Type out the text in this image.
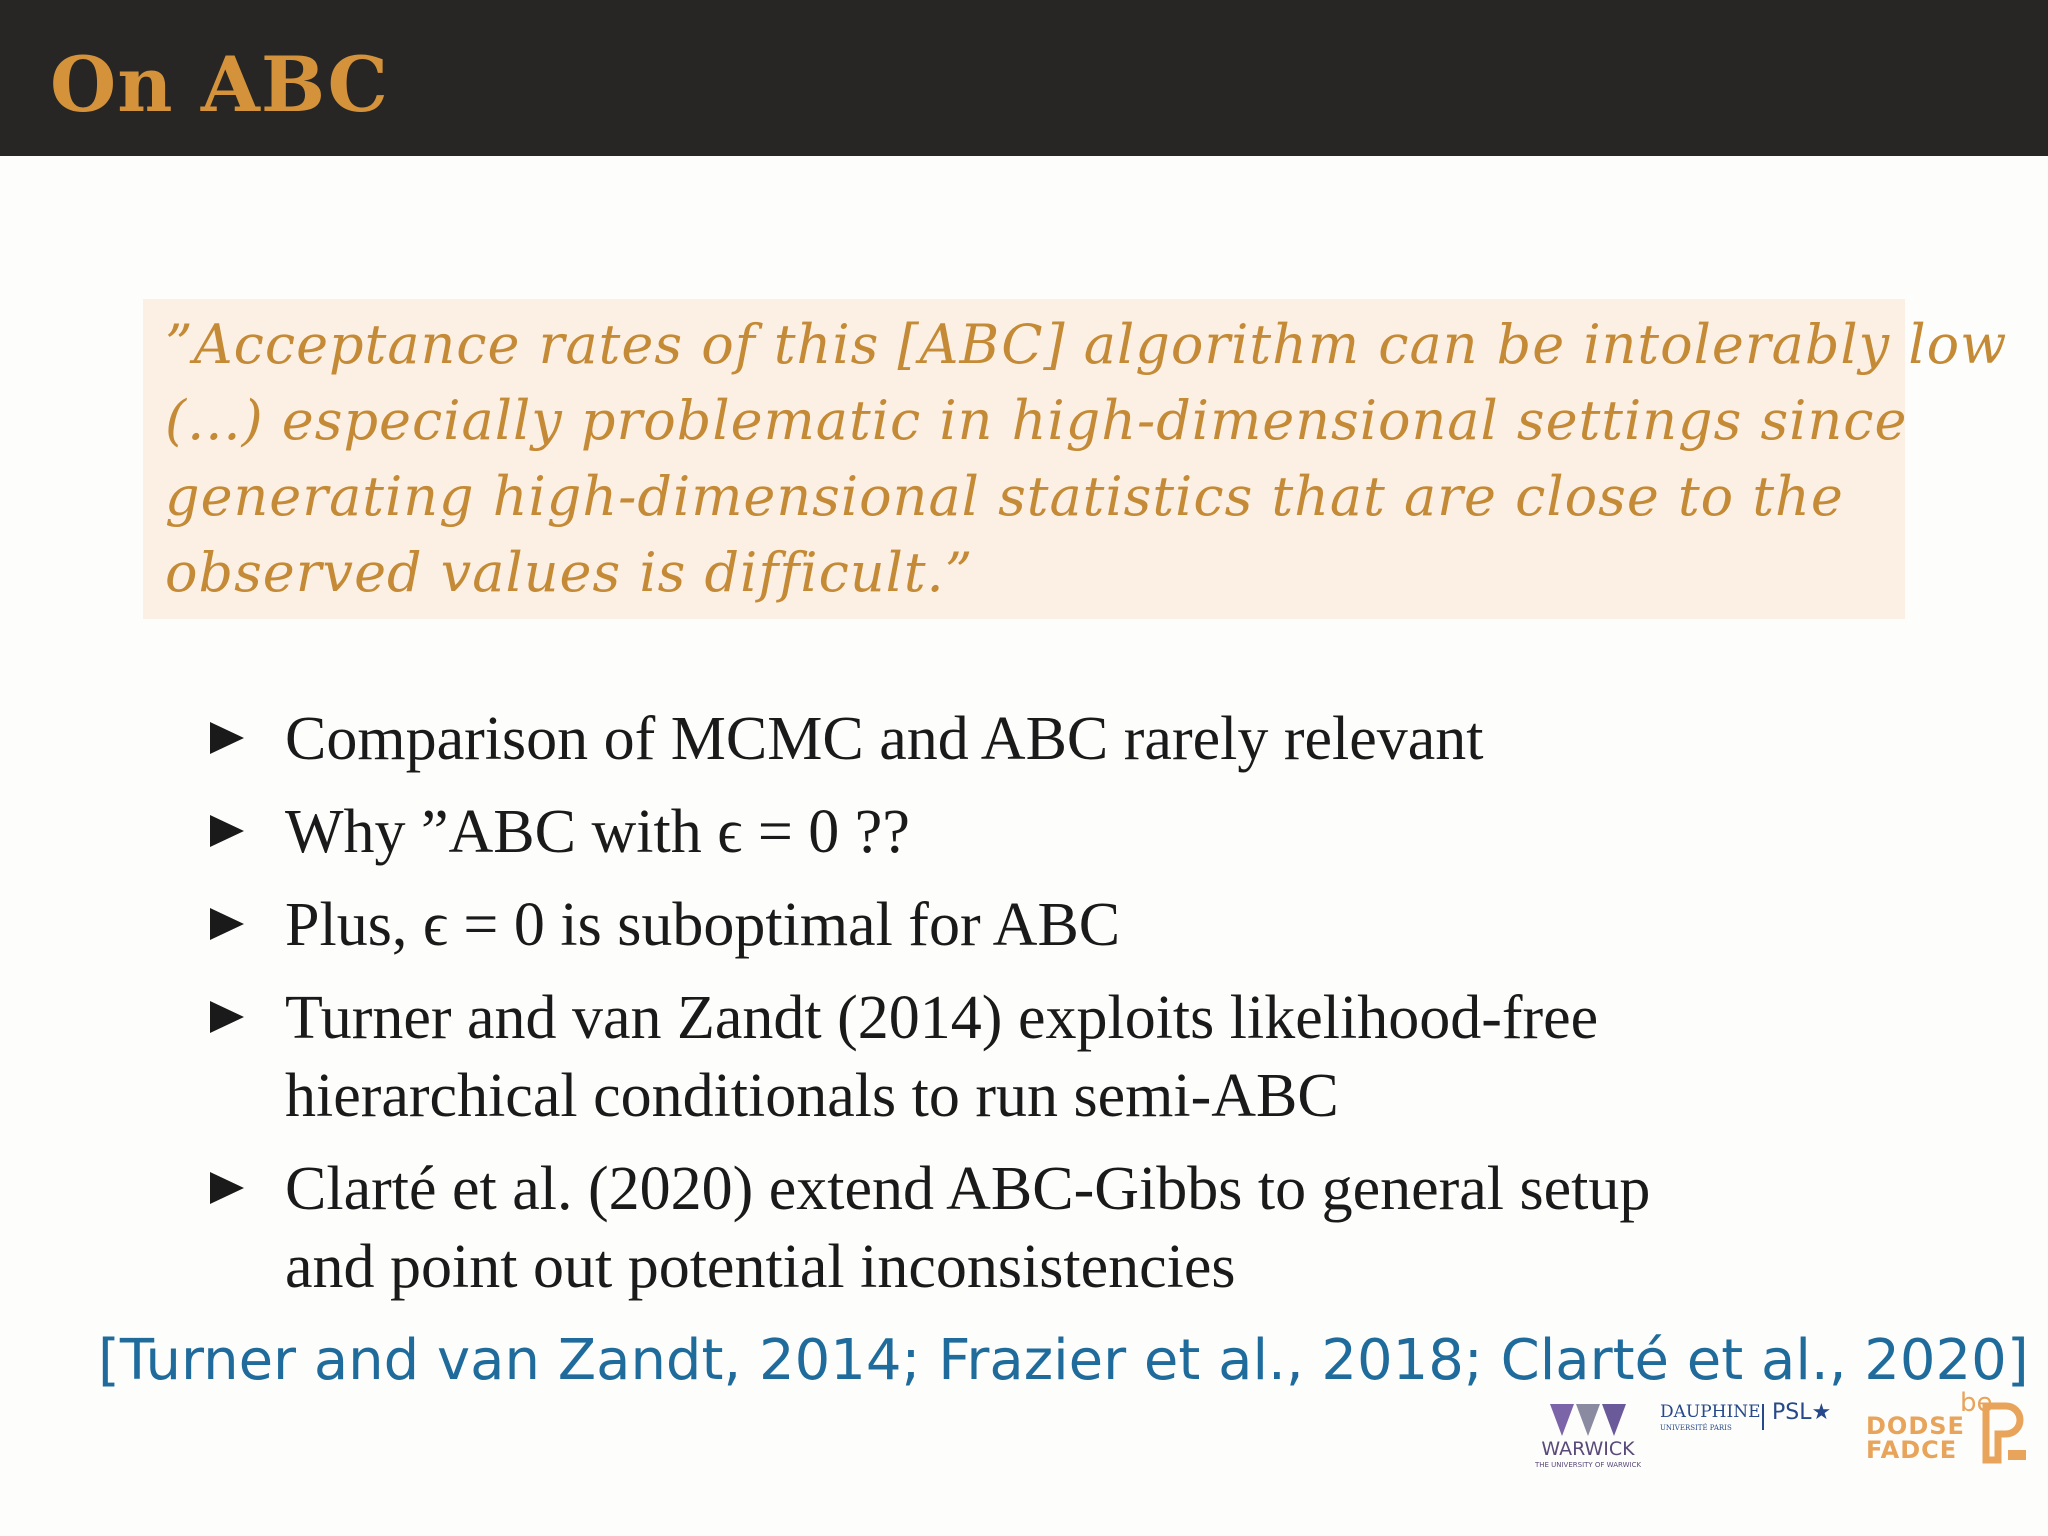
On ABC

”Acceptance rates of this [ABC] algorithm can be intolerably low
(...) especially problematic in high-dimensional settings since
generating high-dimensional statistics that are close to the
observed values is difficult.”

Comparison of MCMC and ABC rarely relevant
Why ”ABC with ϵ = 0 ??
Plus, ϵ = 0 is suboptimal for ABC
Turner and van Zandt (2014) exploits likelihood-free
hierarchical conditionals to run semi-ABC
Clarté et al. (2020) extend ABC-Gibbs to general setup
and point out potential inconsistencies
[Turner and van Zandt, 2014; Frazier et al., 2018; Clarté et al., 2020]
WARWICK
THE UNIVERSITY OF WARWICK
DAUPHINE
UNIVERSITÉ PARIS
PSL★	be
DODSE
FADCE
